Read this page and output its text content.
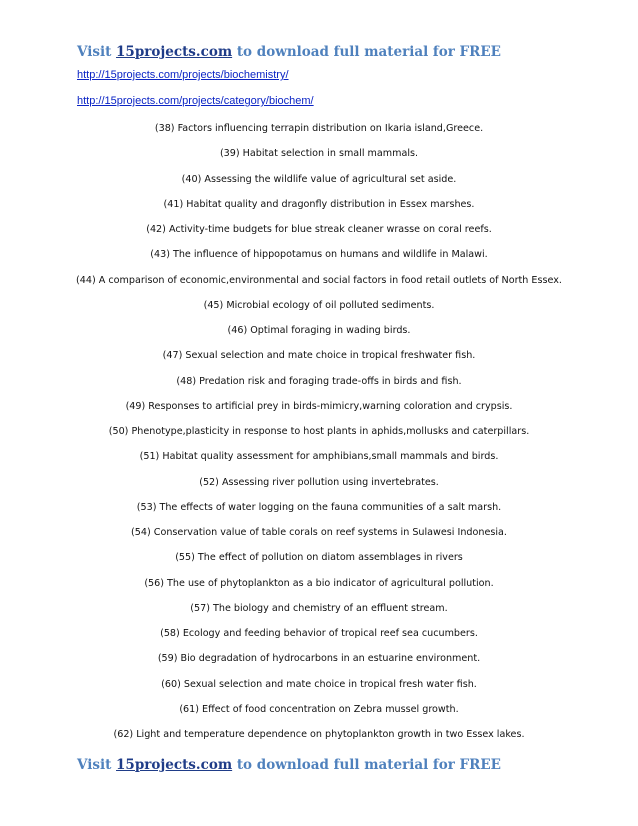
Visit 15projects.com to download full material for FREE

http://15projects.com/projects/biochemistry/
http://15projects.com/projects/category/biochem/
(38) Factors influencing terrapin distribution on Ikaria island,Greece.
(39) Habitat selection in small mammals.
(40) Assessing the wildlife value of agricultural set aside.
(41) Habitat quality and dragonfly distribution in Essex marshes.
(42) Activity-time budgets for blue streak cleaner wrasse on coral reefs.
(43) The influence of hippopotamus on humans and wildlife in Malawi.
(44) A comparison of economic,environmental and social factors in food retail outlets of North Essex.
(45) Microbial ecology of oil polluted sediments.
(46) Optimal foraging in wading birds.
(47) Sexual selection and mate choice in tropical freshwater fish.
(48) Predation risk and foraging trade-offs in birds and fish.
(49) Responses to artificial prey in birds-mimicry,warning coloration and crypsis.
(50) Phenotype,plasticity in response to host plants in aphids,mollusks and caterpillars.
(51) Habitat quality assessment for amphibians,small mammals and birds.
(52) Assessing river pollution using invertebrates.
(53) The effects of water logging on the fauna communities of a salt marsh.
(54) Conservation value of table corals on reef systems in Sulawesi Indonesia.
(55) The effect of pollution on diatom assemblages in rivers
(56) The use of phytoplankton as a bio indicator of agricultural pollution.
(57) The biology and chemistry of an effluent stream.
(58) Ecology and feeding behavior of tropical reef sea cucumbers.
(59) Bio degradation of hydrocarbons in an estuarine environment.
(60) Sexual selection and mate choice in tropical fresh water fish.
(61) Effect of food concentration on Zebra mussel growth.
(62) Light and temperature dependence on phytoplankton growth in two Essex lakes.

Visit 15projects.com to download full material for FREE
